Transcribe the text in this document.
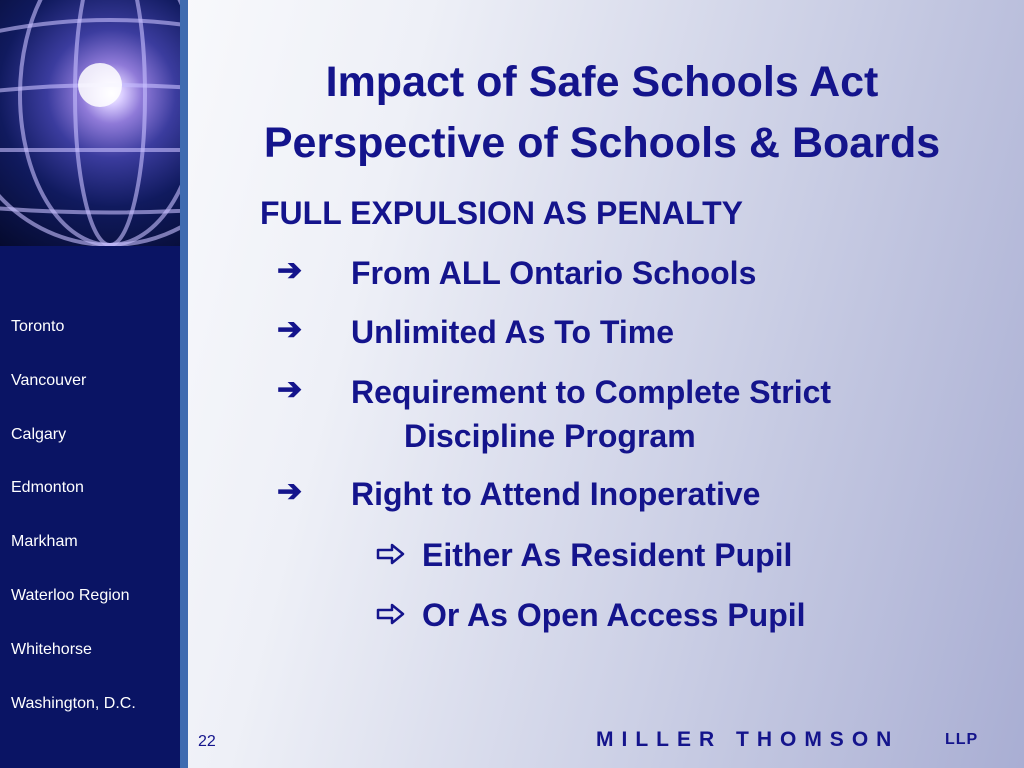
Toronto
Vancouver
Calgary
Edmonton
Markham
Waterloo Region
Whitehorse
Washington, D.C.
Impact of Safe Schools Act
Perspective of Schools & Boards
FULL EXPULSION AS PENALTY
➔ From ALL Ontario Schools
➔ Unlimited As To Time
➔ Requirement to Complete Strict
Discipline Program
➔ Right to Attend Inoperative
Either As Resident Pupil
Or As Open Access Pupil
22	MILLER THOMSON	LLP
